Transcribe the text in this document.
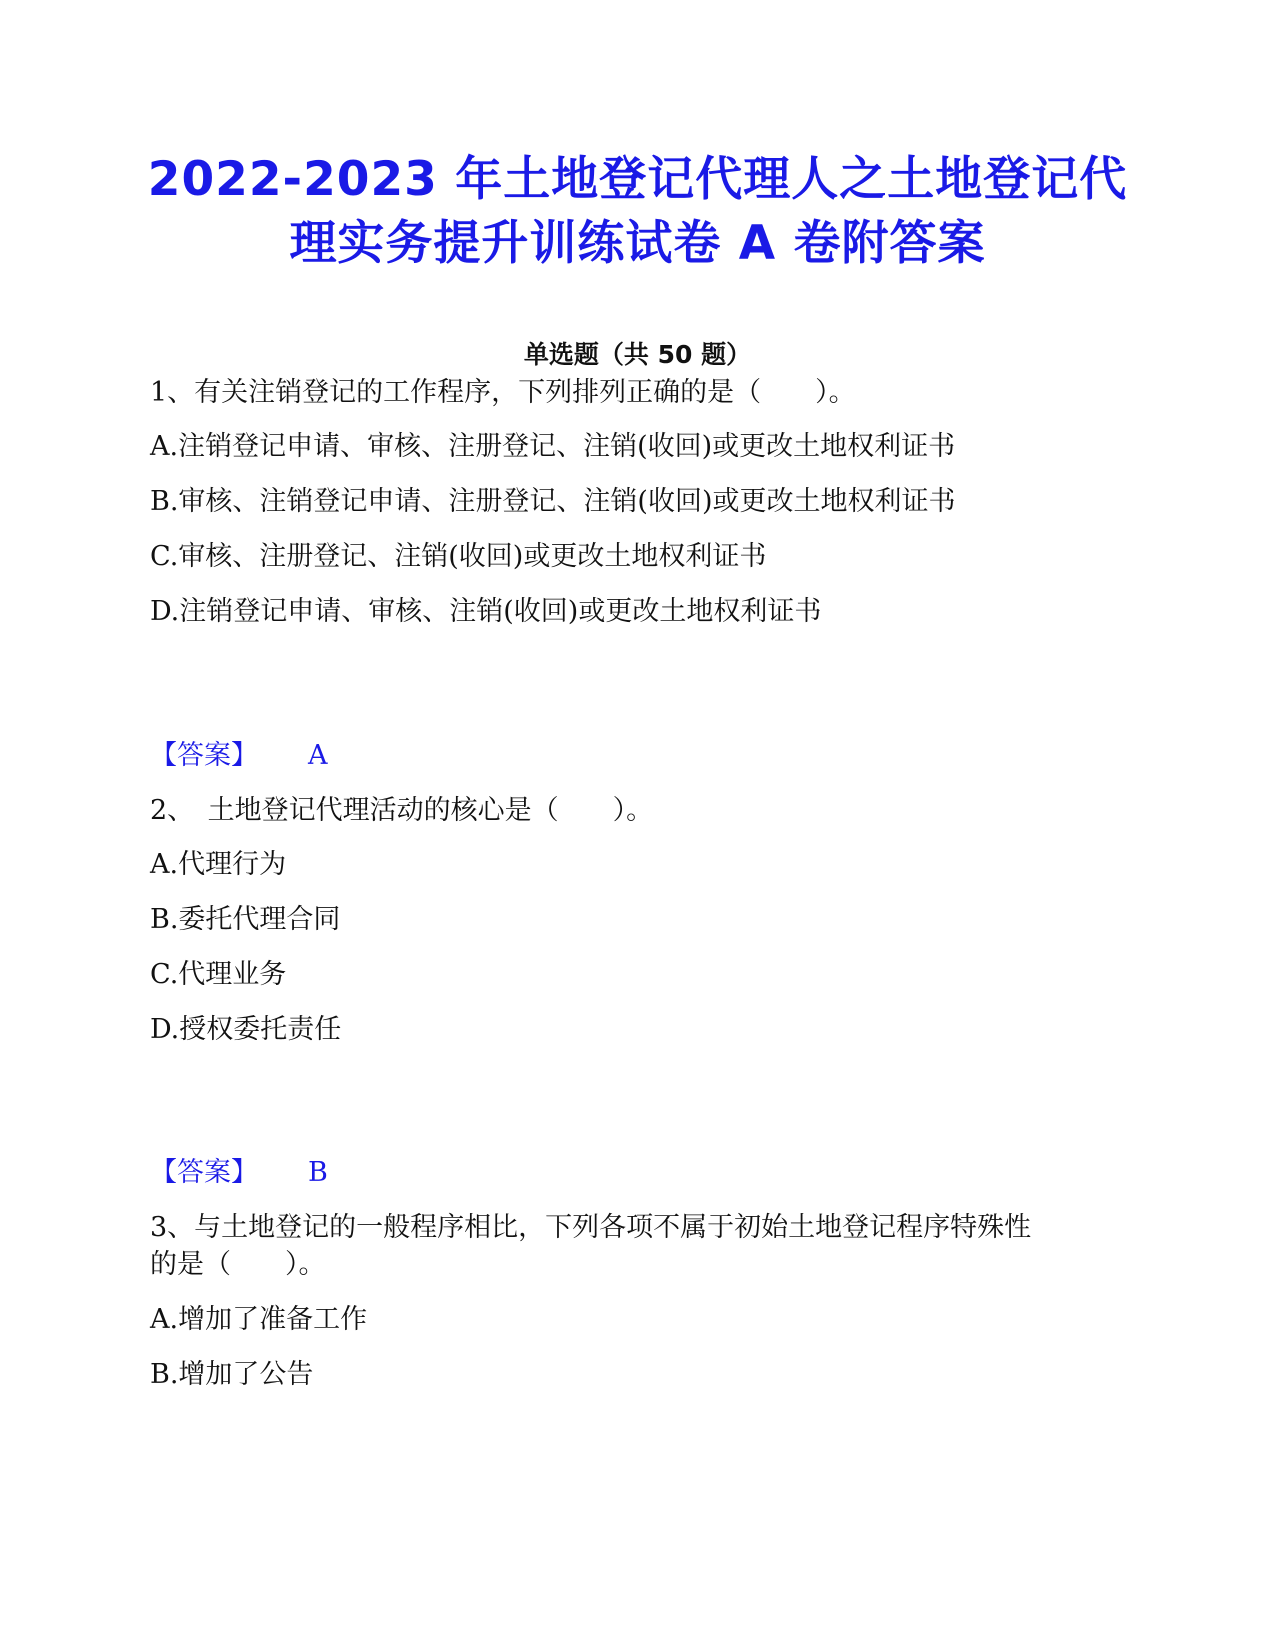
2022-2023 年土地登记代理人之土地登记代
理实务提升训练试卷 A 卷附答案
单选题（共 50 题）
1、有关注销登记的工作程序，下列排列正确的是（　　）。
A.注销登记申请、审核、注册登记、注销(收回)或更改土地权利证书
B.审核、注销登记申请、注册登记、注销(收回)或更改土地权利证书
C.审核、注册登记、注销(收回)或更改土地权利证书
D.注销登记申请、审核、注销(收回)或更改土地权利证书
【答案】 A
2、　土地登记代理活动的核心是（　　）。
A.代理行为
B.委托代理合同
C.代理业务
D.授权委托责任
【答案】 B
3、与土地登记的一般程序相比，下列各项不属于初始土地登记程序特殊性
的是（　　）。
A.增加了准备工作
B.增加了公告
